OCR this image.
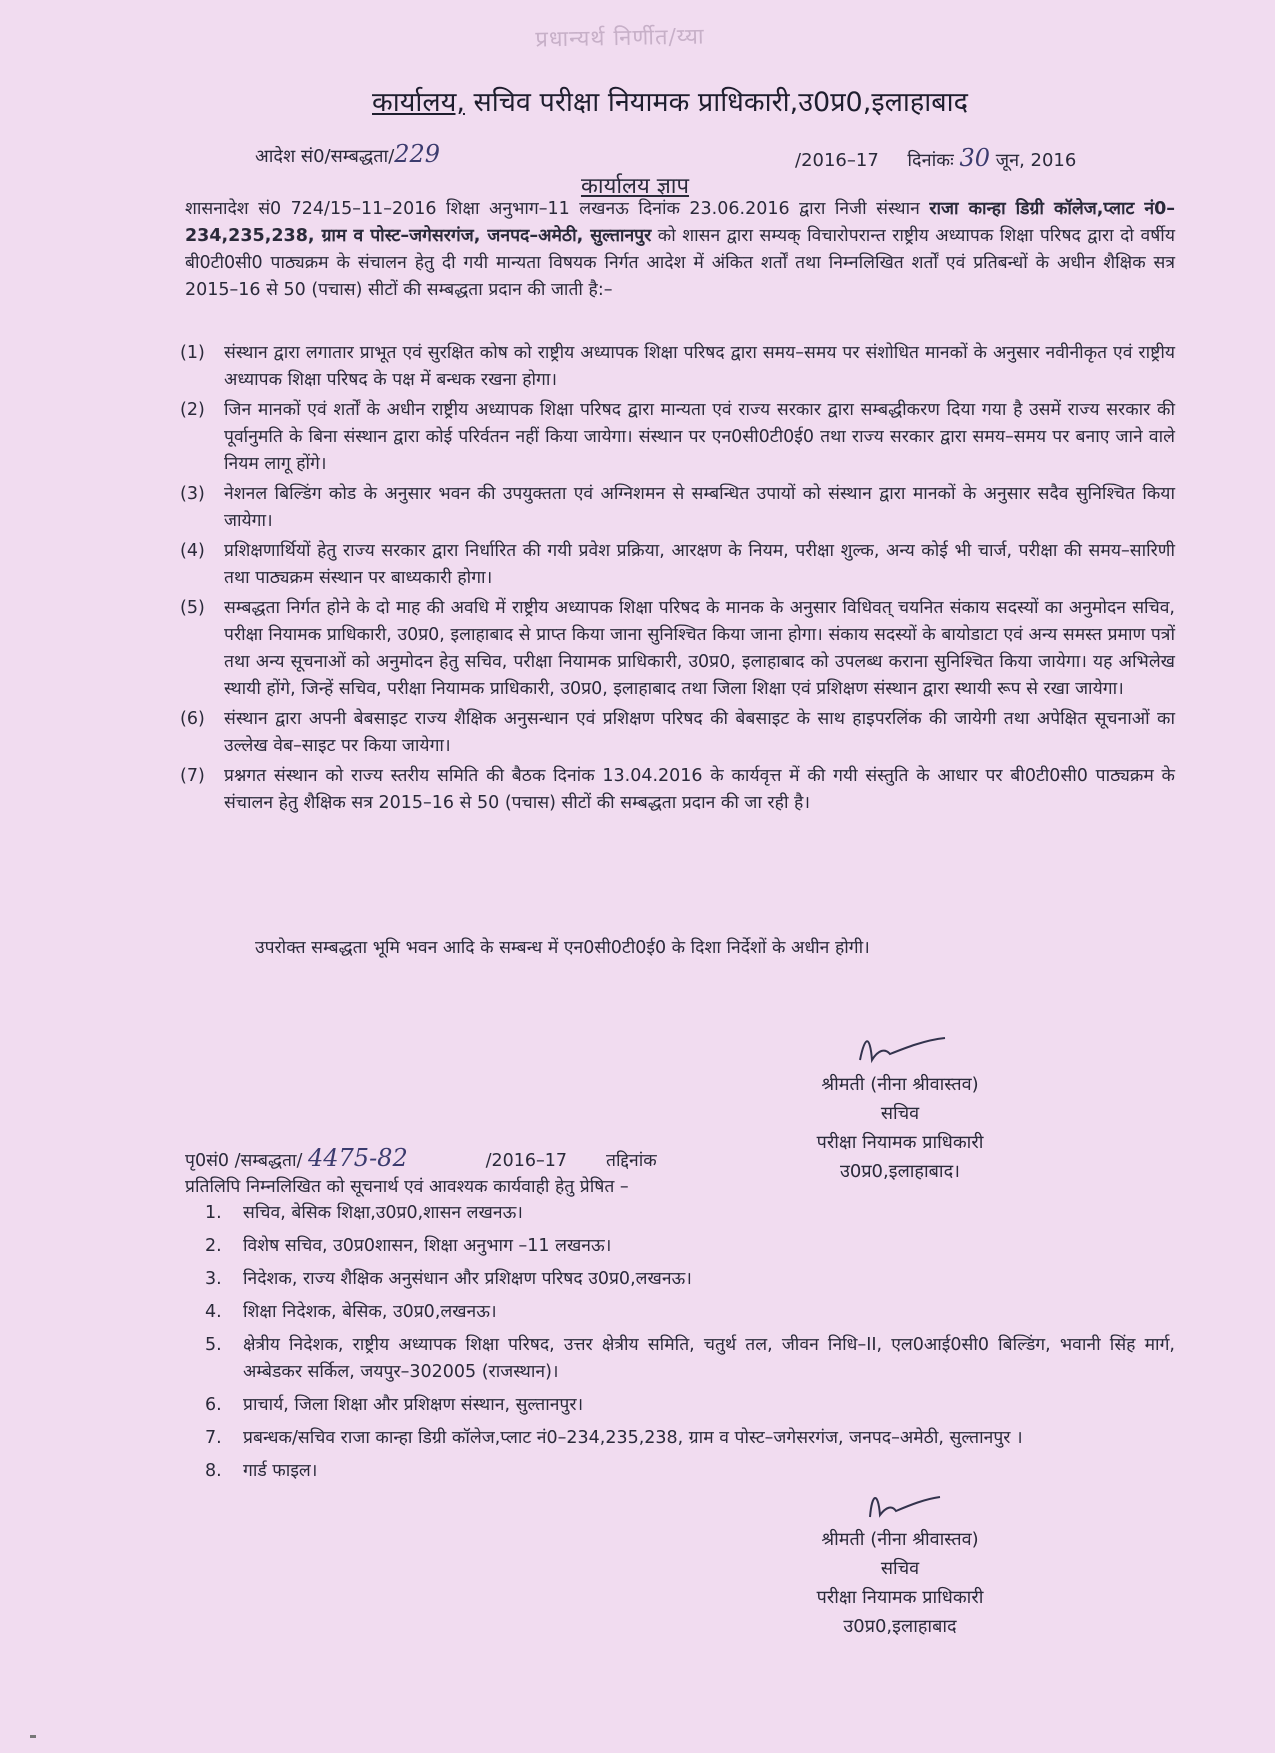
प्रधान्यर्थ निर्णीत/य्या
कार्यालय, सचिव परीक्षा नियामक प्राधिकारी,उ0प्र0,इलाहाबाद
आदेश सं0/सम्बद्धता/229	/2016–17 दिनांकः 30 जून, 2016
कार्यालय ज्ञाप
शासनादेश सं0 724/15–11–2016 शिक्षा अनुभाग–11 लखनऊ दिनांक 23.06.2016 द्वारा निजी संस्थान राजा कान्हा डिग्री कॉलेज,प्लाट नं0–234,235,238, ग्राम व पोस्ट–जगेसरगंज, जनपद–अमेठी, सुल्तानपुर को शासन द्वारा सम्यक् विचारोपरान्त राष्ट्रीय अध्यापक शिक्षा परिषद द्वारा दो वर्षीय बी0टी0सी0 पाठ्यक्रम के संचालन हेतु दी गयी मान्यता विषयक निर्गत आदेश में अंकित शर्तों तथा निम्नलिखित शर्तों एवं प्रतिबन्धों के अधीन शैक्षिक सत्र 2015–16 से 50 (पचास) सीटों की सम्बद्धता प्रदान की जाती है:–
(1)	संस्थान द्वारा लगातार प्राभूत एवं सुरक्षित कोष को राष्ट्रीय अध्यापक शिक्षा परिषद द्वारा समय–समय पर संशोधित मानकों के अनुसार नवीनीकृत एवं राष्ट्रीय अध्यापक शिक्षा परिषद के पक्ष में बन्धक रखना होगा।
(2)	जिन मानकों एवं शर्तों के अधीन राष्ट्रीय अध्यापक शिक्षा परिषद द्वारा मान्यता एवं राज्य सरकार द्वारा सम्बद्धीकरण दिया गया है उसमें राज्य सरकार की पूर्वानुमति के बिना संस्थान द्वारा कोई परिर्वतन नहीं किया जायेगा। संस्थान पर एन0सी0टी0ई0 तथा राज्य सरकार द्वारा समय–समय पर बनाए जाने वाले नियम लागू होंगे।
(3)	नेशनल बिल्डिंग कोड के अनुसार भवन की उपयुक्तता एवं अग्निशमन से सम्बन्धित उपायों को संस्थान द्वारा मानकों के अनुसार सदैव सुनिश्चित किया जायेगा।
(4)	प्रशिक्षणार्थियों हेतु राज्य सरकार द्वारा निर्धारित की गयी प्रवेश प्रक्रिया, आरक्षण के नियम, परीक्षा शुल्क, अन्य कोई भी चार्ज, परीक्षा की समय–सारिणी तथा पाठ्यक्रम संस्थान पर बाध्यकारी होगा।
(5)	सम्बद्धता निर्गत होने के दो माह की अवधि में राष्ट्रीय अध्यापक शिक्षा परिषद के मानक के अनुसार विधिवत् चयनित संकाय सदस्यों का अनुमोदन सचिव, परीक्षा नियामक प्राधिकारी, उ0प्र0, इलाहाबाद से प्राप्त किया जाना सुनिश्चित किया जाना होगा। संकाय सदस्यों के बायोडाटा एवं अन्य समस्त प्रमाण पत्रों तथा अन्य सूचनाओं को अनुमोदन हेतु सचिव, परीक्षा नियामक प्राधिकारी, उ0प्र0, इलाहाबाद को उपलब्ध कराना सुनिश्चित किया जायेगा। यह अभिलेख स्थायी होंगे, जिन्हें सचिव, परीक्षा नियामक प्राधिकारी, उ0प्र0, इलाहाबाद तथा जिला शिक्षा एवं प्रशिक्षण संस्थान द्वारा स्थायी रूप से रखा जायेगा।
(6)	संस्थान द्वारा अपनी बेबसाइट राज्य शैक्षिक अनुसन्धान एवं प्रशिक्षण परिषद की बेबसाइट के साथ हाइपरलिंक की जायेगी तथा अपेक्षित सूचनाओं का उल्लेख वेब–साइट पर किया जायेगा।
(7)	प्रश्नगत संस्थान को राज्य स्तरीय समिति की बैठक दिनांक 13.04.2016 के कार्यवृत्त में की गयी संस्तुति के आधार पर बी0टी0सी0 पाठ्यक्रम के संचालन हेतु शैक्षिक सत्र 2015–16 से 50 (पचास) सीटों की सम्बद्धता प्रदान की जा रही है।
उपरोक्त सम्बद्धता भूमि भवन आदि के सम्बन्ध में एन0सी0टी0ई0 के दिशा निर्देशों के अधीन होगी।
श्रीमती (नीना श्रीवास्तव)
सचिव
परीक्षा नियामक प्राधिकारी
उ0प्र0,इलाहाबाद।
पृ0सं0 /सम्बद्धता/ 4475-82	/2016–17 तद्दिनांक
प्रतिलिपि निम्नलिखित को सूचनार्थ एवं आवश्यक कार्यवाही हेतु प्रेषित –
1.	सचिव, बेसिक शिक्षा,उ0प्र0,शासन लखनऊ।
2.	विशेष सचिव, उ0प्र0शासन, शिक्षा अनुभाग –11 लखनऊ।
3.	निदेशक, राज्य शैक्षिक अनुसंधान और प्रशिक्षण परिषद उ0प्र0,लखनऊ।
4.	शिक्षा निदेशक, बेसिक, उ0प्र0,लखनऊ।
5.	क्षेत्रीय निदेशक, राष्ट्रीय अध्यापक शिक्षा परिषद, उत्तर क्षेत्रीय समिति, चतुर्थ तल, जीवन निधि–II, एल0आई0सी0 बिल्डिंग, भवानी सिंह मार्ग, अम्बेडकर सर्किल, जयपुर–302005 (राजस्थान)।
6.	प्राचार्य, जिला शिक्षा और प्रशिक्षण संस्थान, सुल्तानपुर।
7.	प्रबन्धक/सचिव राजा कान्हा डिग्री कॉलेज,प्लाट नं0–234,235,238, ग्राम व पोस्ट–जगेसरगंज, जनपद–अमेठी, सुल्तानपुर ।
8.	गार्ड फाइल।
श्रीमती (नीना श्रीवास्तव)
सचिव
परीक्षा नियामक प्राधिकारी
उ0प्र0,इलाहाबाद
